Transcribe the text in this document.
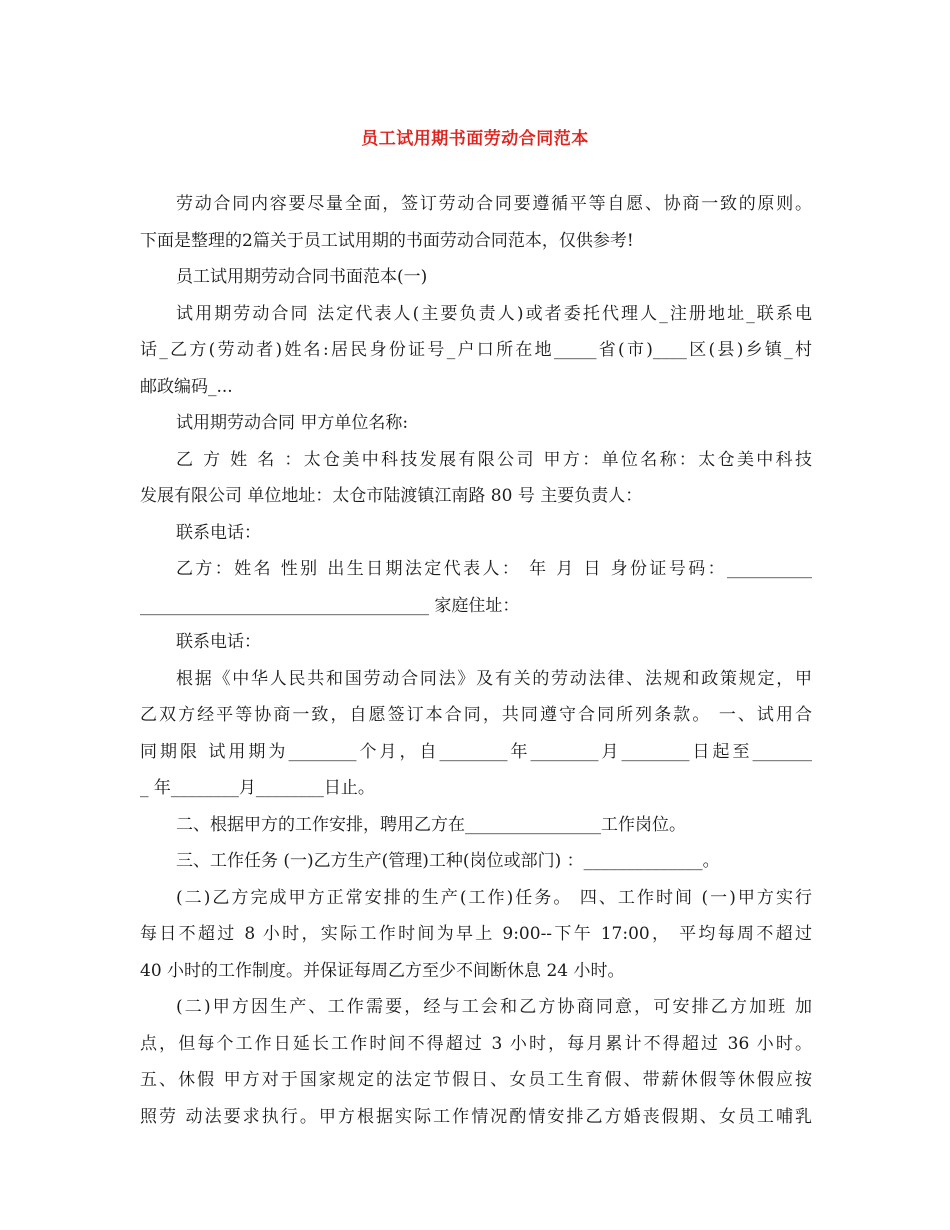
员工试用期书面劳动合同范本
劳动合同内容要尽量全面，签订劳动合同要遵循平等自愿、协商一致的原则。
下面是整理的2篇关于员工试用期的书面劳动合同范本，仅供参考!
员工试用期劳动合同书面范本(一)
试用期劳动合同 法定代表人(主要负责人)或者委托代理人_注册地址_联系电
话_乙方(劳动者)姓名:居民身份证号_户口所在地_____省(市)____区(县)乡镇_村
邮政编码_...
试用期劳动合同 甲方单位名称:
乙 方 姓 名 ：太仓美中科技发展有限公司 甲方：单位名称：太仓美中科技
发展有限公司 单位地址：太仓市陆渡镇江南路 80 号 主要负责人：
联系电话：
乙方：姓名 性别 出生日期法定代表人： 年 月 日 身份证号码：__________
__________________________________ 家庭住址：
联系电话：
根据《中华人民共和国劳动合同法》及有关的劳动法律、法规和政策规定，甲
乙双方经平等协商一致，自愿签订本合同，共同遵守合同所列条款。 一、试用合
同期限 试用期为________个月，自________年________月________日起至_______
_ 年________月________日止。
二、根据甲方的工作安排，聘用乙方在________________工作岗位。
三、工作任务 (一)乙方生产(管理)工种(岗位或部门) ：______________。
(二)乙方完成甲方正常安排的生产(工作)任务。 四、工作时间 (一)甲方实行
每日不超过 8 小时，实际工作时间为早上 9:00--下午 17:00， 平均每周不超过
40 小时的工作制度。并保证每周乙方至少不间断休息 24 小时。
(二)甲方因生产、工作需要，经与工会和乙方协商同意，可安排乙方加班 加
点，但每个工作日延长工作时间不得超过 3 小时，每月累计不得超过 36 小时。
五、休假 甲方对于国家规定的法定节假日、女员工生育假、带薪休假等休假应按
照劳 动法要求执行。甲方根据实际工作情况酌情安排乙方婚丧假期、女员工哺乳
